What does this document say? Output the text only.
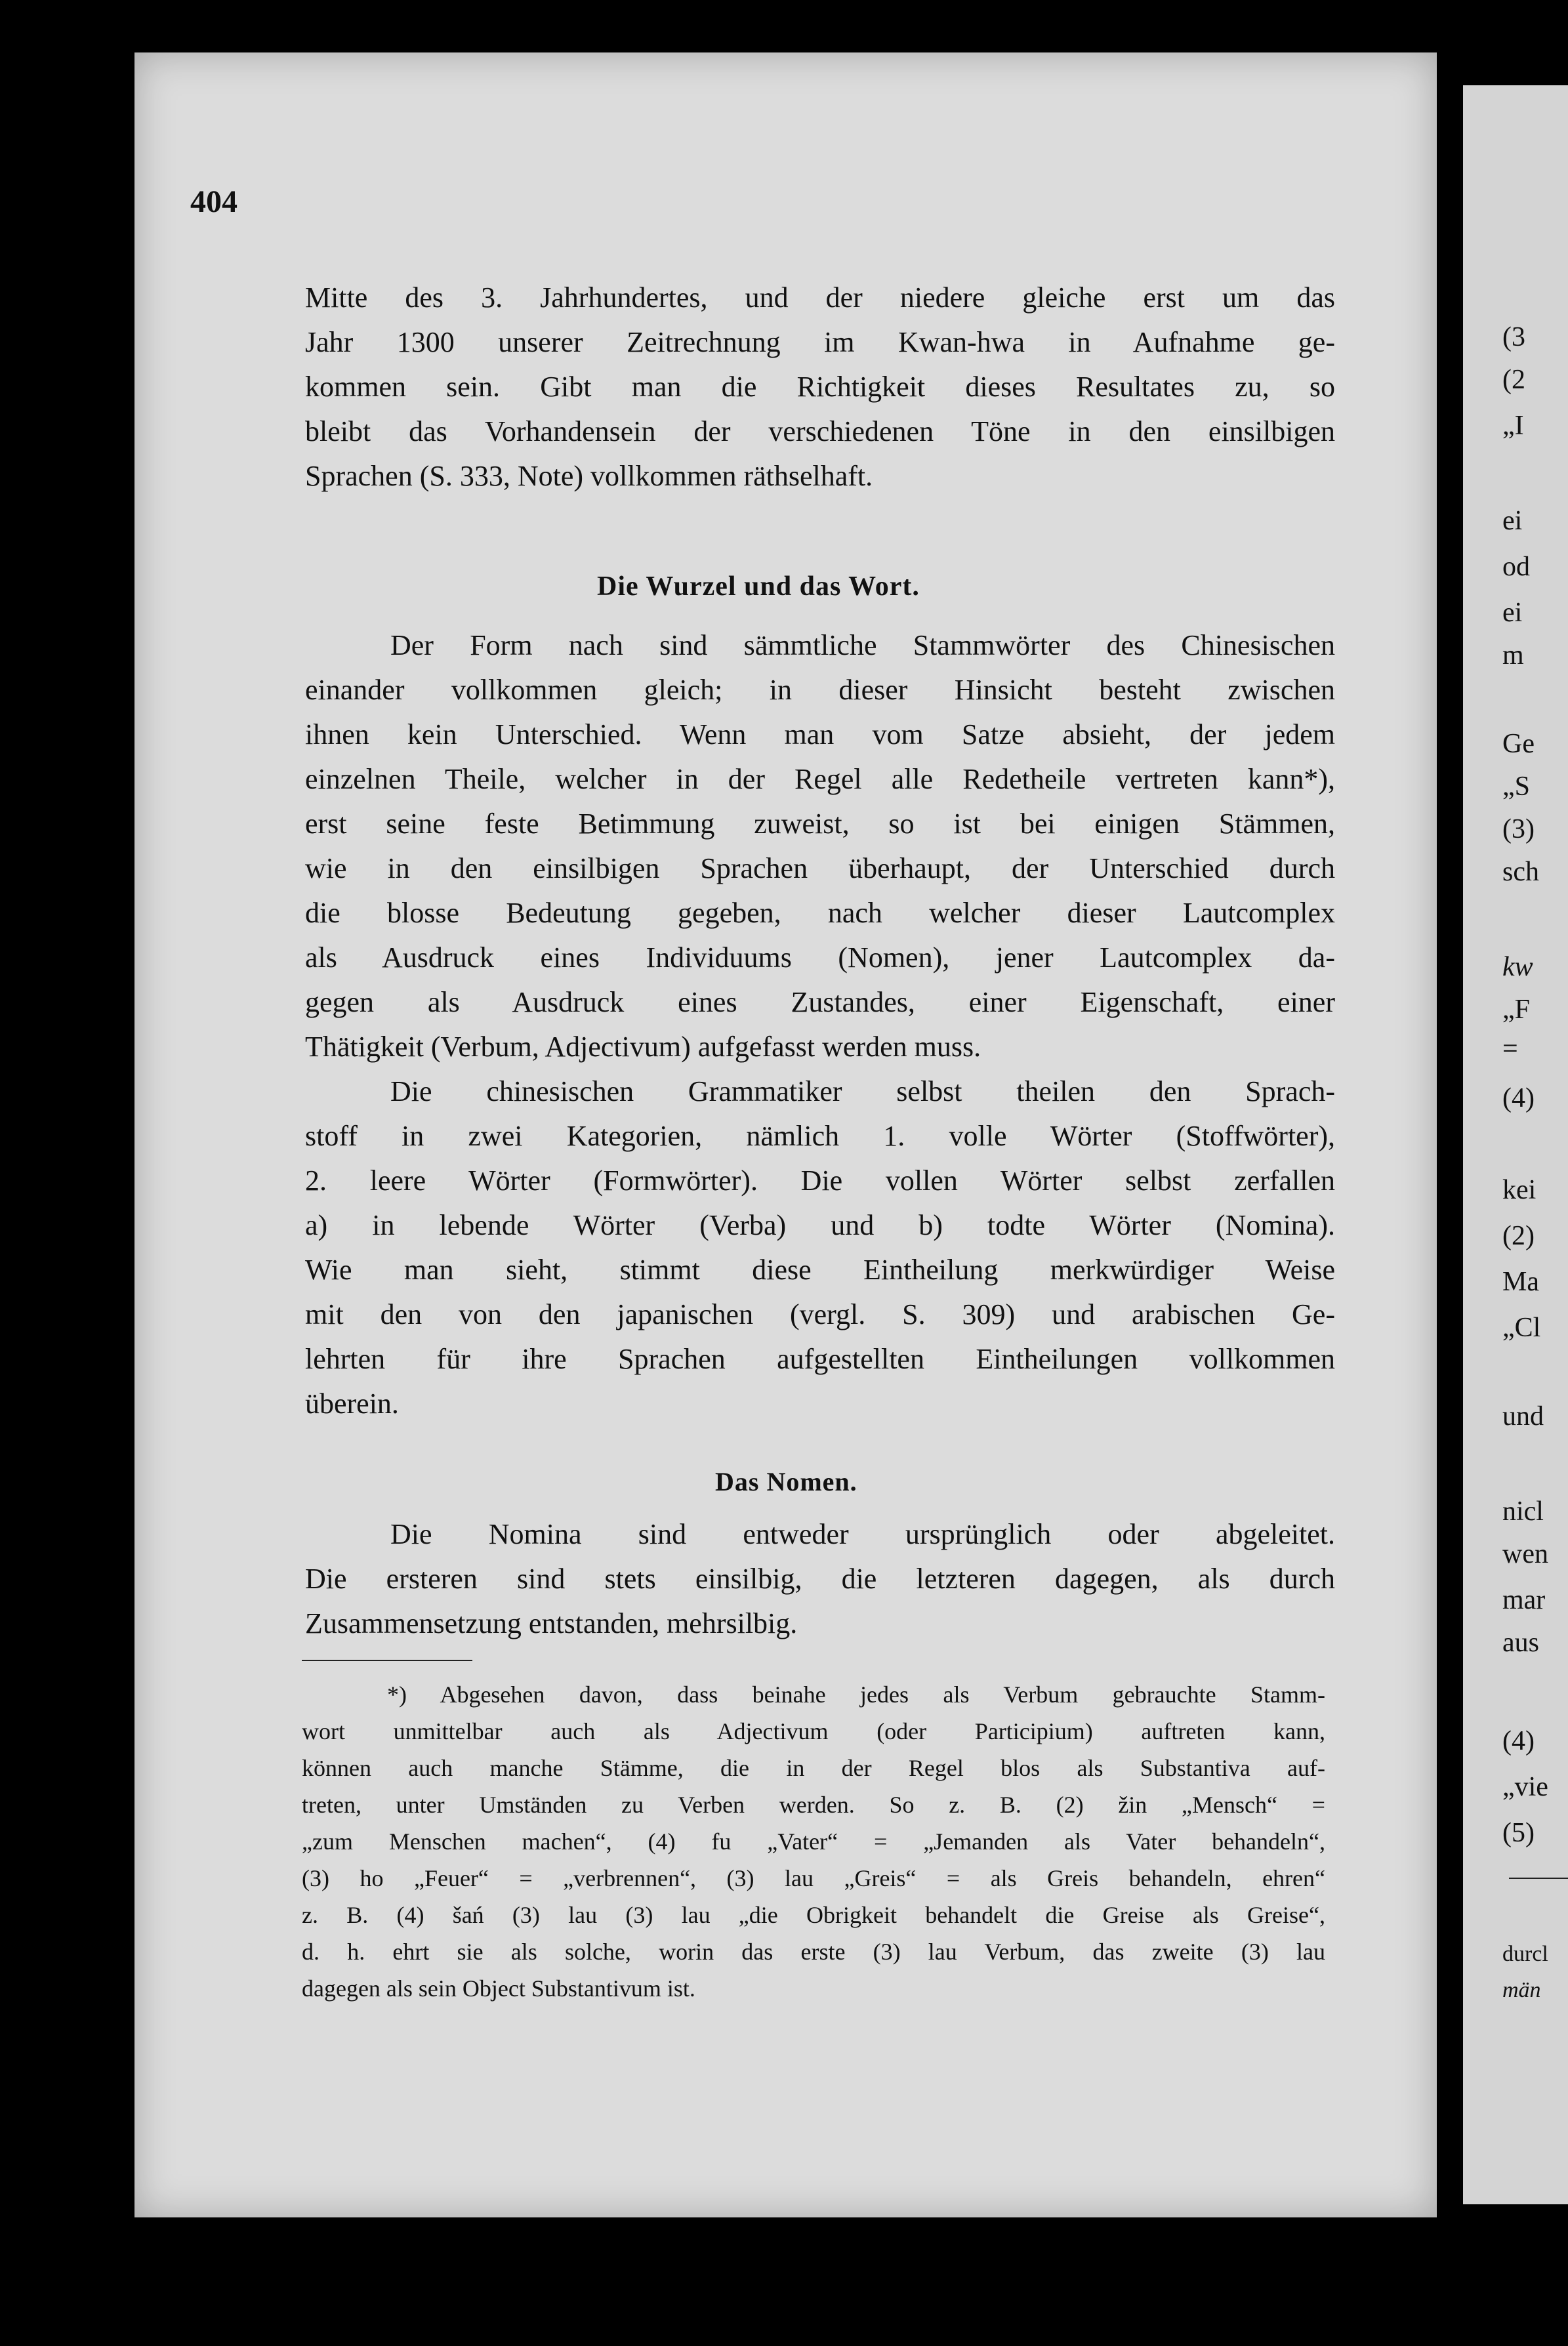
404
Mitte des 3. Jahrhundertes, und der niedere gleiche erst um das
Jahr 1300 unserer Zeitrechnung im Kwan-hwa in Aufnahme ge-
kommen sein. Gibt man die Richtigkeit dieses Resultates zu, so
bleibt das Vorhandensein der verschiedenen Töne in den einsilbigen
Sprachen (S. 333, Note) vollkommen räthselhaft.
Die Wurzel und das Wort.
Der Form nach sind sämmtliche Stammwörter des Chinesischen
einander vollkommen gleich; in dieser Hinsicht besteht zwischen
ihnen kein Unterschied. Wenn man vom Satze absieht, der jedem
einzelnen Theile, welcher in der Regel alle Redetheile vertreten kann*),
erst seine feste Betimmung zuweist, so ist bei einigen Stämmen,
wie in den einsilbigen Sprachen überhaupt, der Unterschied durch
die blosse Bedeutung gegeben, nach welcher dieser Lautcomplex
als Ausdruck eines Individuums (Nomen), jener Lautcomplex da-
gegen als Ausdruck eines Zustandes, einer Eigenschaft, einer
Thätigkeit (Verbum, Adjectivum) aufgefasst werden muss.
Die chinesischen Grammatiker selbst theilen den Sprach-
stoff in zwei Kategorien, nämlich 1. volle Wörter (Stoffwörter),
2. leere Wörter (Formwörter). Die vollen Wörter selbst zerfallen
a) in lebende Wörter (Verba) und b) todte Wörter (Nomina).
Wie man sieht, stimmt diese Eintheilung merkwürdiger Weise
mit den von den japanischen (vergl. S. 309) und arabischen Ge-
lehrten für ihre Sprachen aufgestellten Eintheilungen vollkommen
überein.
Das Nomen.
Die Nomina sind entweder ursprünglich oder abgeleitet.
Die ersteren sind stets einsilbig, die letzteren dagegen, als durch
Zusammensetzung entstanden, mehrsilbig.
*) Abgesehen davon, dass beinahe jedes als Verbum gebrauchte Stamm-
wort unmittelbar auch als Adjectivum (oder Participium) auftreten kann,
können auch manche Stämme, die in der Regel blos als Substantiva auf-
treten, unter Umständen zu Verben werden. So z. B. (2) žin „Mensch“ =
„zum Menschen machen“, (4) fu „Vater“ = „Jemanden als Vater behandeln“,
(3) ho „Feuer“ = „verbrennen“, (3) lau „Greis“ = als Greis behandeln, ehren“
z. B. (4) šań (3) lau (3) lau „die Obrigkeit behandelt die Greise als Greise“,
d. h. ehrt sie als solche, worin das erste (3) lau Verbum, das zweite (3) lau
dagegen als sein Object Substantivum ist.
(3
(2
„I
ei
od
ei
m
Ge
„S
(3)
sch
kw
„F
=
(4)
kei
(2)
Ma
„Cl
und
nicl
wen
mar
aus
(4)
„vie
(5)
durcl
män
